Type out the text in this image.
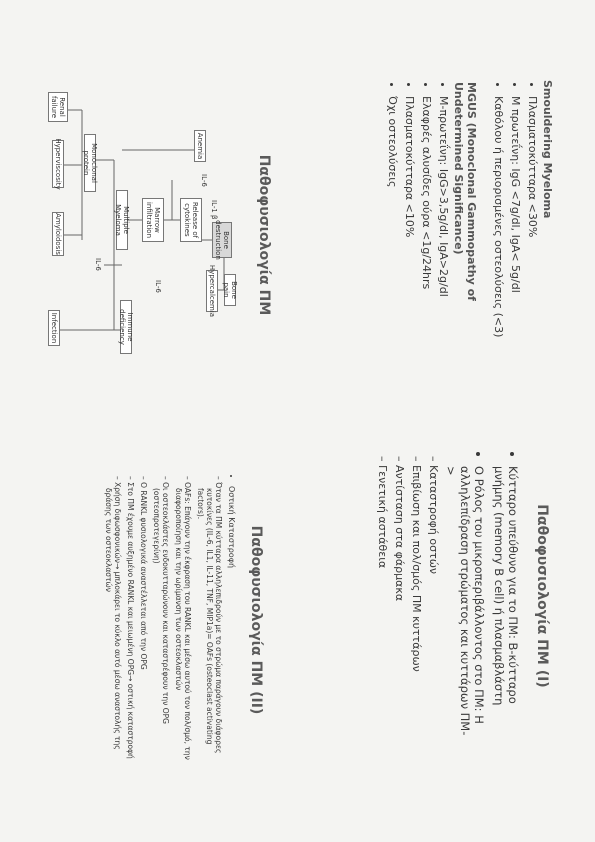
Smouldering Myeloma
• Πλασματοκύτταρα <30%
• Μ πρωτεΐνη: IgG <7g/dl, IgA< 5g/dl
• Καθόλου ή περιορισμένες οστεολύσεις (<3)
MGUS (Monoclonal Gammopathy of Undetermined Significance)
• Μ-πρωτεΐνη: IgG>3,5g/dl, IgA>2g/dl
• Ελαφρές αλυσίδες ούρα <1g/24hrs
• Πλασματοκύτταρα <10%
• Όχι οστεολύσεις
Παθοφυσιολογία ΠΜ
Bone destruction
Bone pain
Hypercalcemia
IL-1 β
IL-6
Release of cytokines
Anemia
Marrow infiltration
IL-6
Multiple Myeloma
Immune deficiency
Infection
Monoclonal protein
Renal failure
Hyperviscosity
Amyloidosis
IL-6
Παθοφυσιολογία ΠΜ (I)
• Κύτταρο υπεύθυνο για το ΠΜ: Β-κύτταρο μνήμης (memory B cell) ή πλασμαβλάστη
• Ο Ρόλος του μικροπεριβάλλοντος στο ΠΜ: Η αλληλεπίδραση στρώματος και κυττάρων ΠΜ->
– Καταστροφή οστών
– Επιβίωση και πολ/σμός ΠΜ κυττάρων
– Αντίσταση στα φάρμακα
– Γενετική αστάθεια
Παθοφυσιολογία ΠΜ (II)
• Οστική Καταστροφή
– Όταν τα ΠΜ κύτταρα αλληλεπιδρούν με το στρώμα παράγουν διάφορες κυτοκίνες (IL-6, IL1, IL-11, TNF, MIP1a)= OAFs (osteoclast activating factors).
– OAFs: Επάγουν την έκφραση του RANKL και μέσω αυτού τον πολ/σμό, την διαφοροποίηση και την ωρίμανση των οστεοκλαστών
– Οι οστεοκλάστες ενδοκυτταρώνουν και καταστρέφουν την OPG (οστεοπροτεγερίνη)
– Ο RANKL φυσιολογικά αναστέλλεται από την OPG
– Στο ΠΜ έχουμε αυξημένο RANKL και μειωμένη OPG→ οστική καταστροφή
– Χρήση διφωσφονικών→ μπλοκάρει το κύκλο αυτό μέσω αναστολής της δράσης των οστεοκλαστών
